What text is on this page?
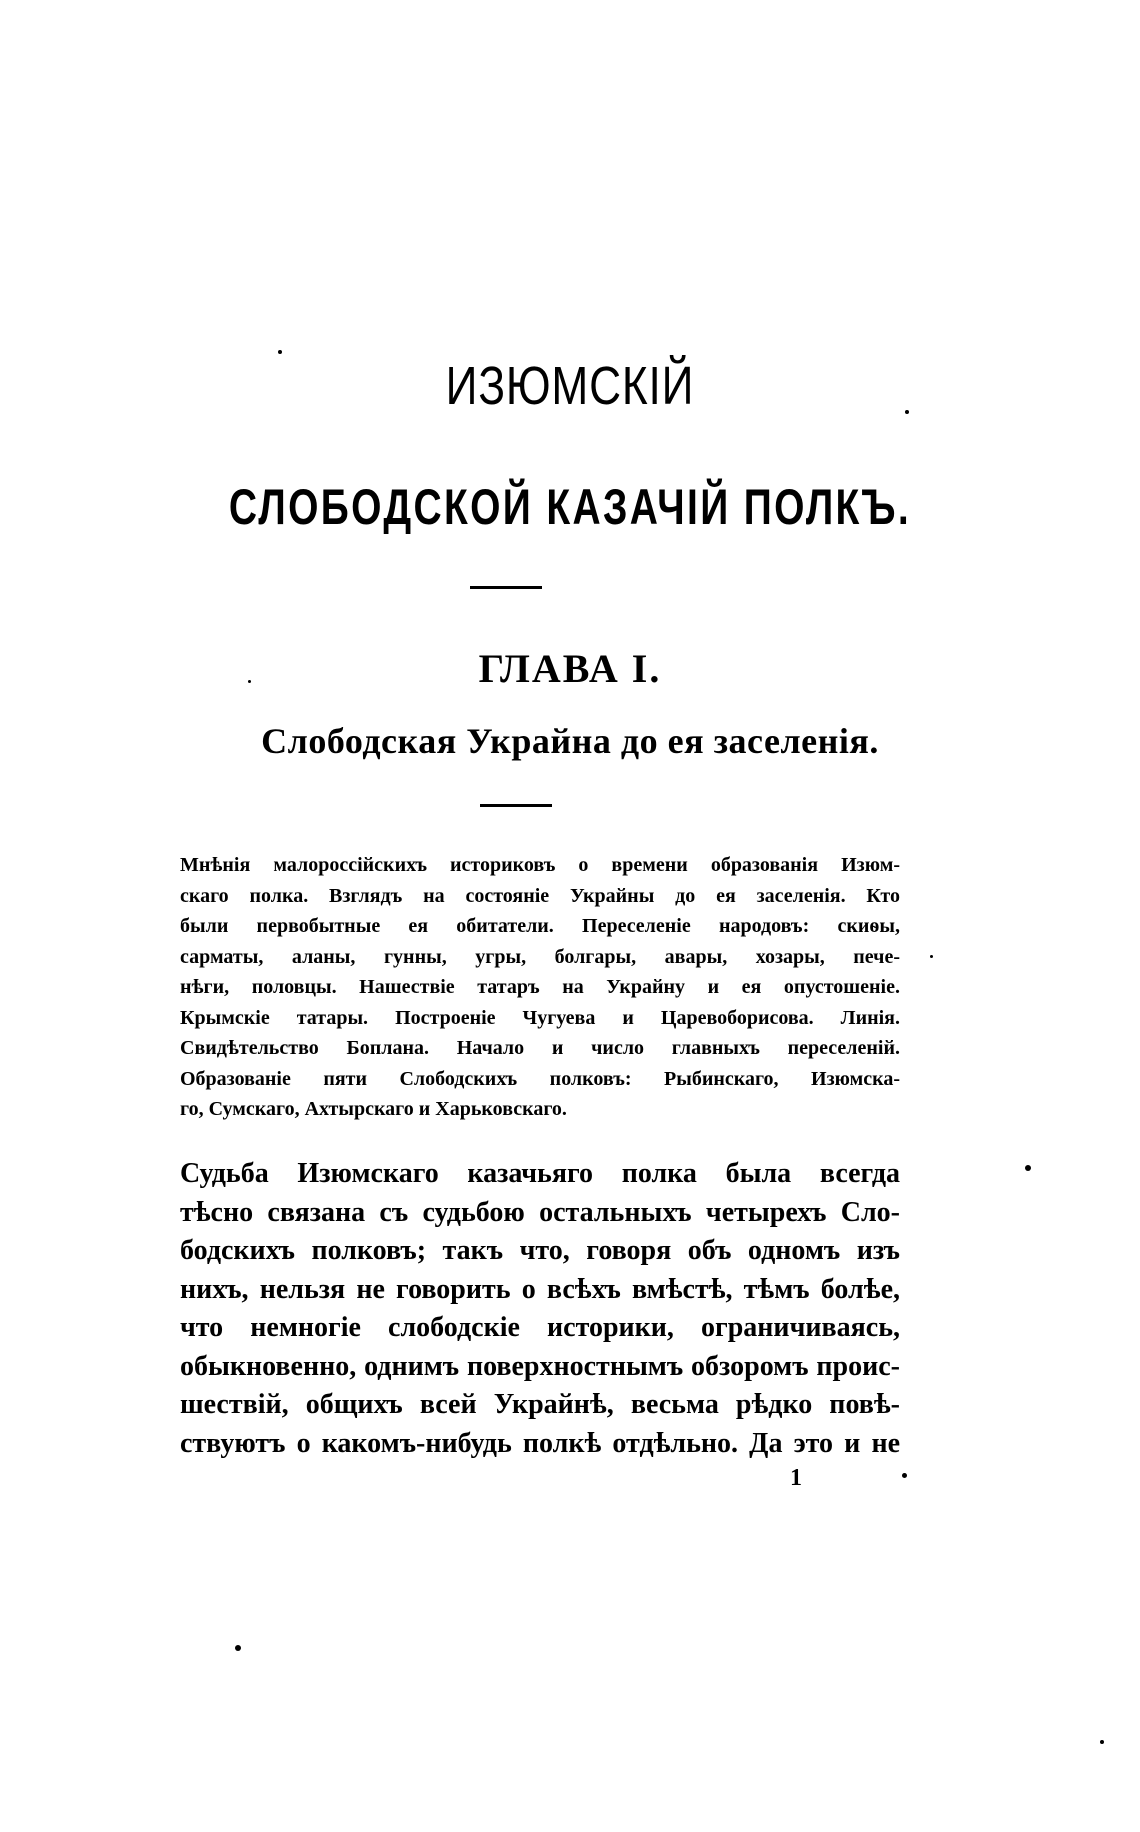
ИЗЮМСКІЙ
СЛОБОДСКОЙ КАЗАЧІЙ ПОЛКЪ.
ГЛАВА I.
Слободская Украйна до ея заселенія.
Мнѣнія малороссійскихъ историковъ о времени образованія Изюм-
скаго полка. Взглядъ на состояніе Украйны до ея заселенія. Кто
были первобытные ея обитатели. Переселеніе народовъ: скиѳы,
сарматы, аланы, гунны, угры, болгары, авары, хозары, пече-
нѣги, половцы. Нашествіе татаръ на Украйну и ея опустошеніе.
Крымскіе татары. Построеніе Чугуева и Царевоборисова. Линія.
Свидѣтельство Боплана. Начало и число главныхъ переселеній.
Образованіе пяти Слободскихъ полковъ: Рыбинскаго, Изюмска-
го, Сумскаго, Ахтырскаго и Харьковскаго.
Судьба Изюмскаго казачьяго полка была всегда
тѣсно связана съ судьбою остальныхъ четырехъ Сло-
бодскихъ полковъ; такъ что, говоря объ одномъ изъ
нихъ, нельзя не говорить о всѣхъ вмѣстѣ, тѣмъ болѣе,
что немногіе слободскіе историки, ограничиваясь,
обыкновенно, однимъ поверхностнымъ обзоромъ проис-
шествій, общихъ всей Украйнѣ, весьма рѣдко повѣ-
ствуютъ о какомъ-нибудь полкѣ отдѣльно. Да это и не
1
